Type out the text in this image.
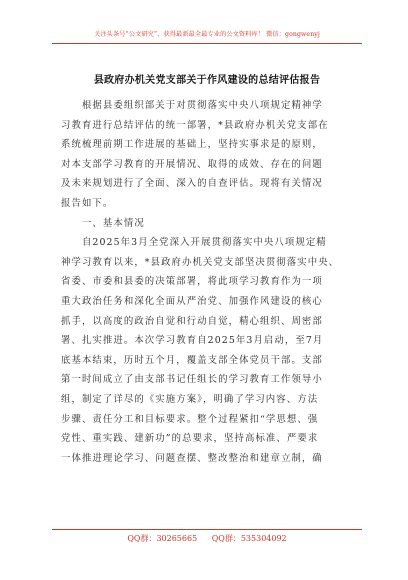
关注头条号“公文研究”，获得最新最全最专业的公文资料库！ 微信：gongwenyj
县政府办机关党支部关于作风建设的总结评估报告
　　根据县委组织部关于对贯彻落实中央八项规定精神学
习教育进行总结评估的统一部署，*县政府办机关党支部在
系统梳理前期工作进展的基础上，坚持实事求是的原则，
对本支部学习教育的开展情况、取得的成效、存在的问题
及未来规划进行了全面、深入的自查评估。现将有关情况
报告如下。
　　一、基本情况
　　自2025年3月全党深入开展贯彻落实中央八项规定精
神学习教育以来，*县政府办机关党支部坚决贯彻落实中央、
省委、市委和县委的决策部署，将此项学习教育作为一项
重大政治任务和深化全面从严治党、加强作风建设的核心
抓手，以高度的政治自觉和行动自觉，精心组织、周密部
署、扎实推进。本次学习教育自2025年3月启动，至7月
底基本结束，历时五个月，覆盖支部全体党员干部。支部
第一时间成立了由支部书记任组长的学习教育工作领导小
组，制定了详尽的《实施方案》，明确了学习内容、方法
步骤、责任分工和目标要求。整个过程紧扣“学思想、强
党性、重实践、建新功”的总要求，坚持高标准、严要求
一体推进理论学习、问题查摆、整改整治和建章立制，确
QQ群：30265665 QQ群：535304092
